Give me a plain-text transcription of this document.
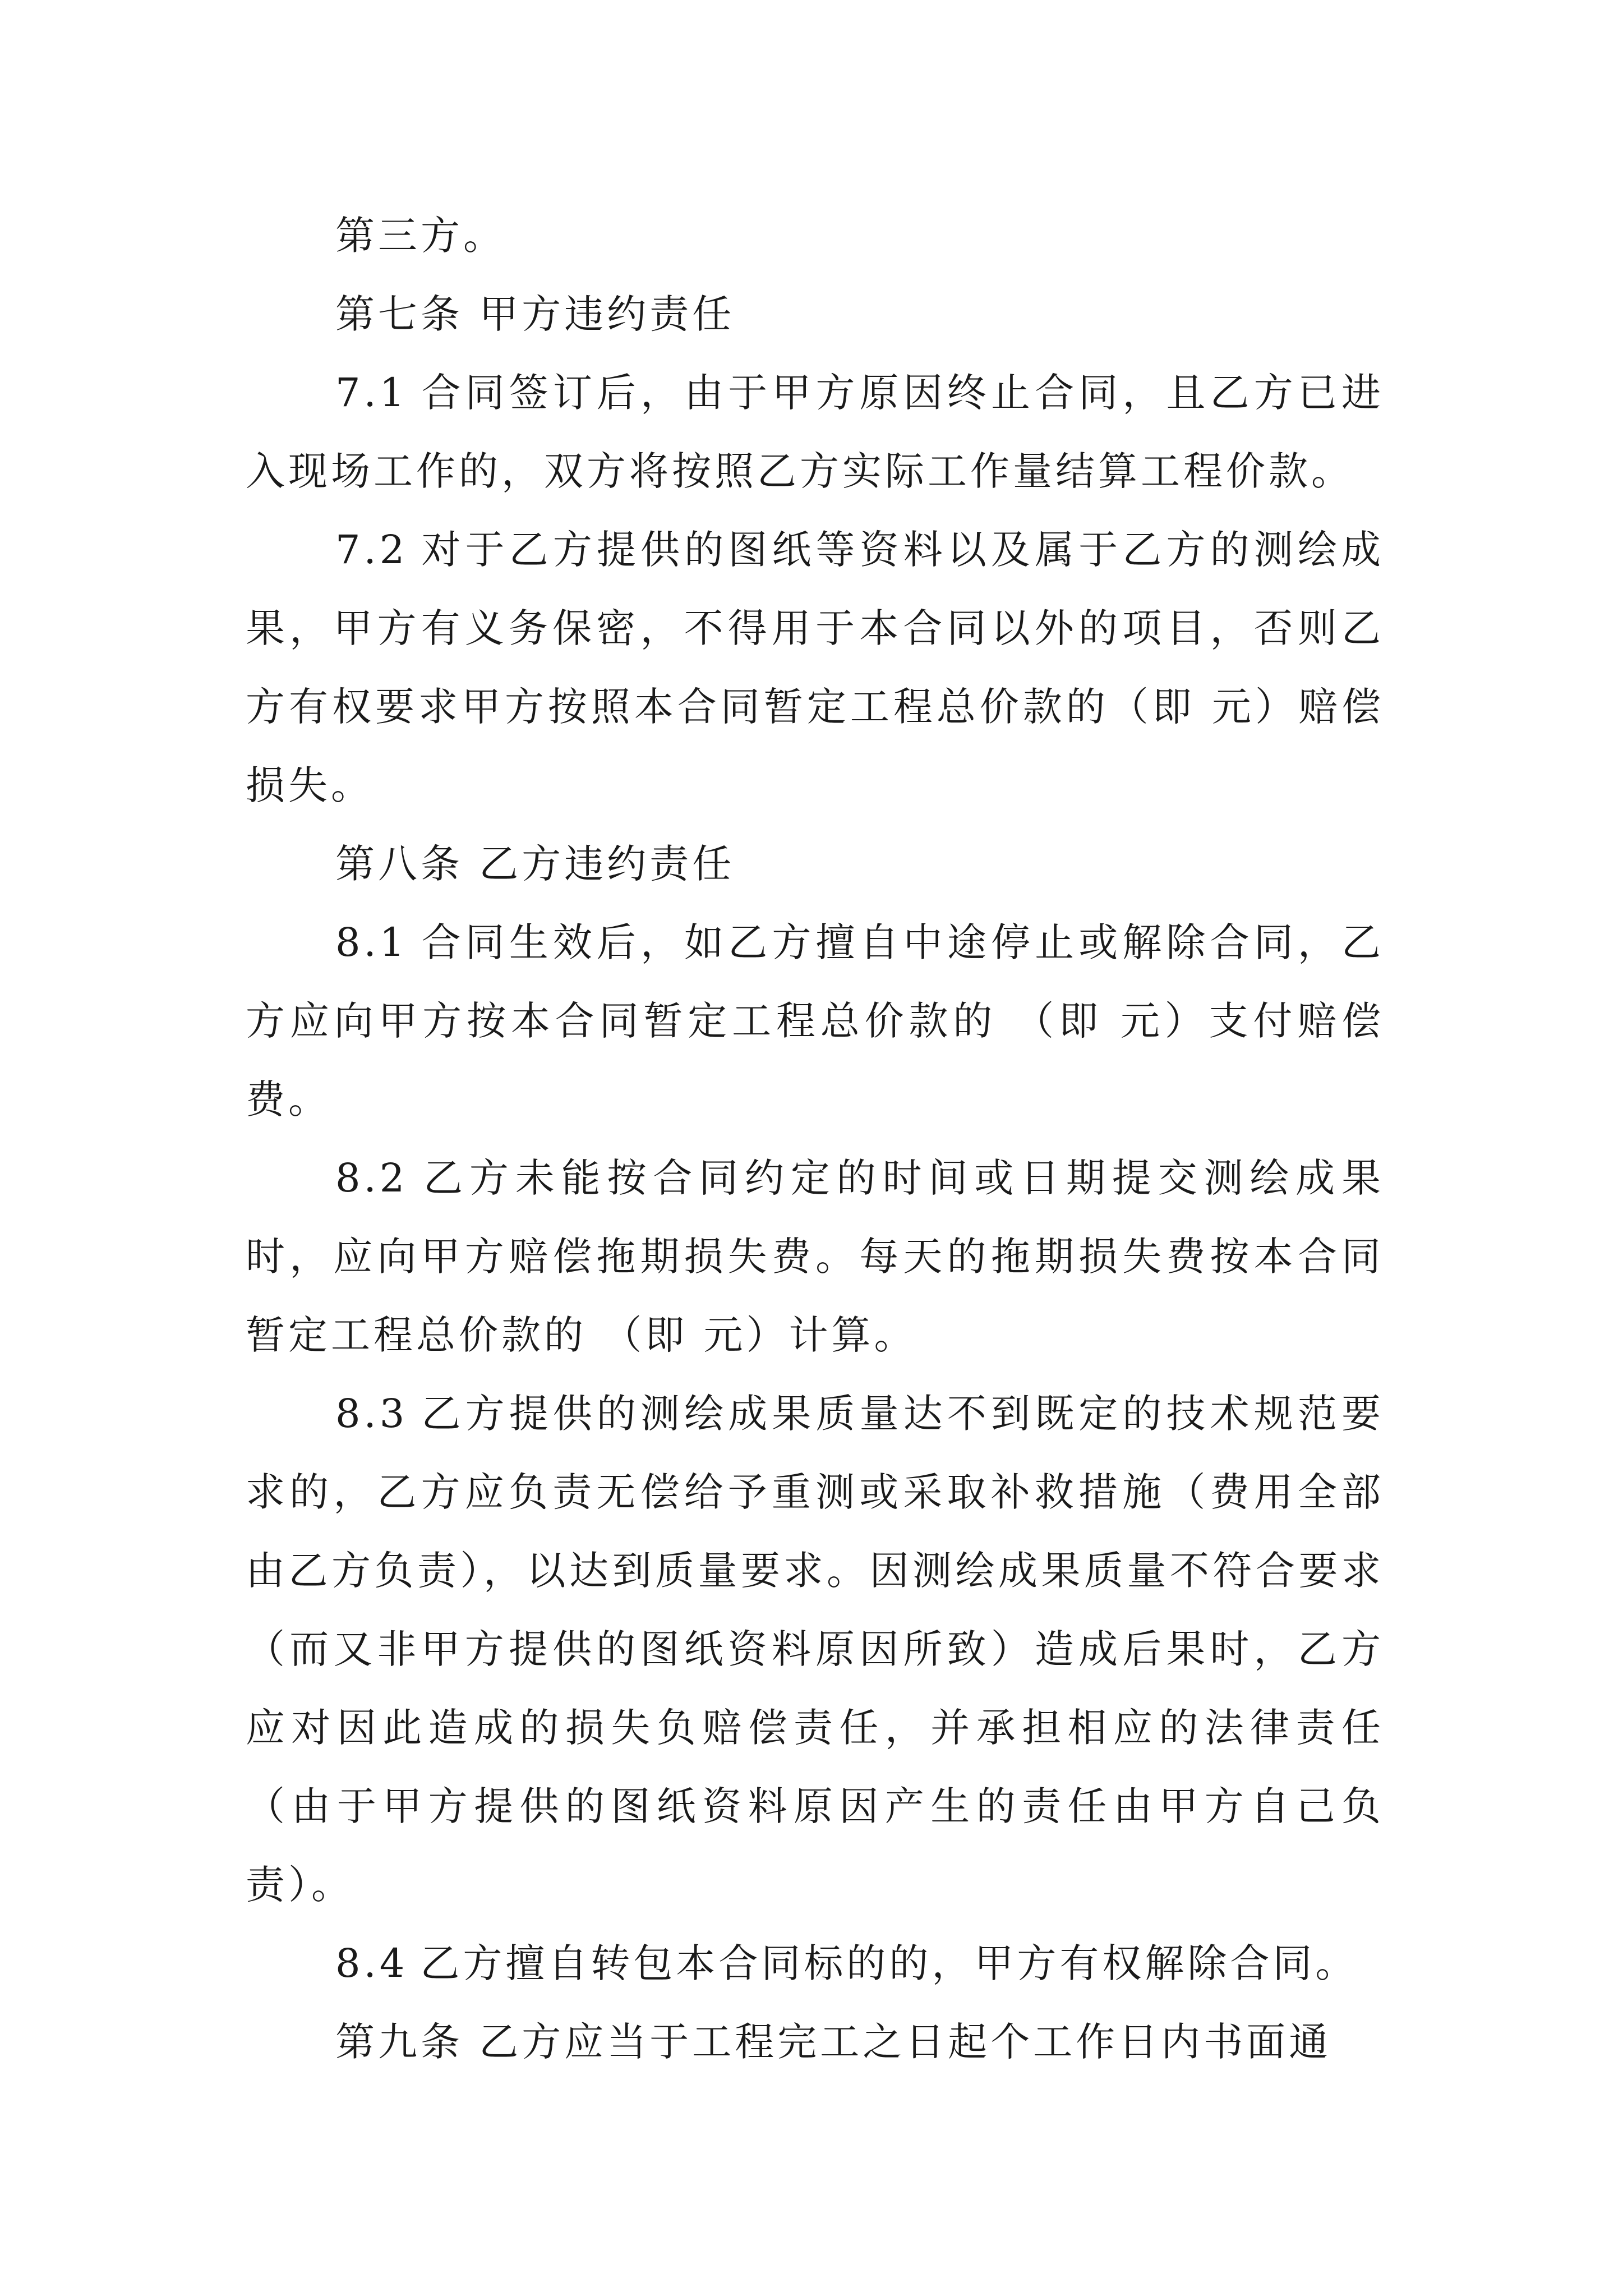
第三方。

第七条 甲方违约责任

7.1 合同签订后，由于甲方原因终止合同，且乙方已进入现场工作的，双方将按照乙方实际工作量结算工程价款。

7.2 对于乙方提供的图纸等资料以及属于乙方的测绘成果，甲方有义务保密，不得用于本合同以外的项目，否则乙方有权要求甲方按照本合同暂定工程总价款的（即 元）赔偿损失。

第八条 乙方违约责任

8.1 合同生效后，如乙方擅自中途停止或解除合同，乙方应向甲方按本合同暂定工程总价款的 （即 元）支付赔偿费。

8.2 乙方未能按合同约定的时间或日期提交测绘成果时，应向甲方赔偿拖期损失费。每天的拖期损失费按本合同暂定工程总价款的 （即 元）计算。

8.3 乙方提供的测绘成果质量达不到既定的技术规范要求的，乙方应负责无偿给予重测或采取补救措施（费用全部由乙方负责），以达到质量要求。因测绘成果质量不符合要求（而又非甲方提供的图纸资料原因所致）造成后果时，乙方应对因此造成的损失负赔偿责任，并承担相应的法律责任（由于甲方提供的图纸资料原因产生的责任由甲方自己负责）。

8.4 乙方擅自转包本合同标的的，甲方有权解除合同。

第九条 乙方应当于工程完工之日起个工作日内书面通
